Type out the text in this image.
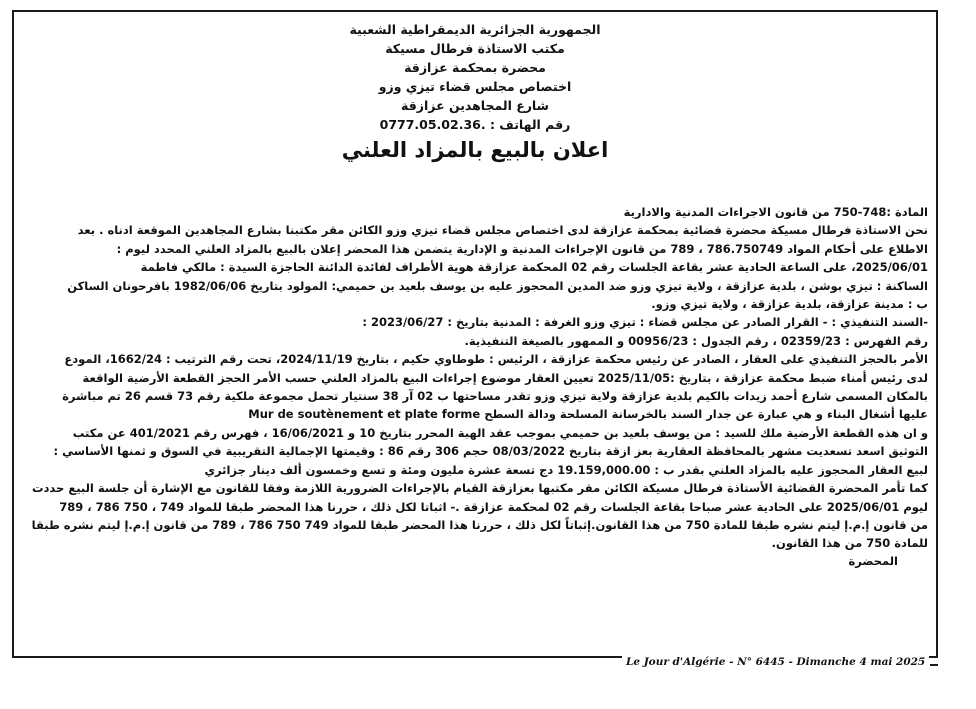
الجمهورية الجزائرية الديمقراطية الشعبية
مكتب الاستاذة فرطال مسيكة
محضرة بمحكمة عزازقة
اختصاص مجلس قضاء تيزي وزو
شارع المجاهدين عزازقة
رقم الهاتف : .0777.05.02.36
اعلان بالبيع بالمزاد العلني
المادة :748-750 من قانون الاجراءات المدنية والادارية
نحن الاستاذة فرطال مسيكة محضرة قضائية بمحكمة عزازقة لدى اختصاص مجلس قضاء تيزي وزو الكائن مقر مكتبنا بشارع المجاهدين الموقعة ادناه . بعد
الاطلاع على أحكام المواد 786.750749 ، 789 من قانون الإجراءات المدنية و الإدارية يتضمن هذا المحضر إعلان بالبيع بالمزاد العلني المحدد ليوم :
2025/06/01، على الساعة الحادية عشر بقاعة الجلسات رقم 02 المحكمة عزازقة هوية الأطراف لفائدة الدائنة الحاجزة السيدة : مالكي فاطمة
الساكنة : تيزي بوشن ، بلدية عزازقة ، ولاية تيزي وزو ضد المدين المحجوز عليه بن يوسف بلعيد بن حميمي: المولود بتاريخ 1982/06/06 بافرحونان الساكن
ب : مدينة عزازقة، بلدية عزازقة ، ولاية تيزي وزو.
-السند التنفيذي : - القرار الصادر عن مجلس قضاء : تيزي وزو الغرفة : المدنية بتاريخ : 2023/06/27 :
رقم الفهرس : 02359/23 ، رقم الجدول : 00956/23 و الممهور بالصيغة التنفيذية.
الأمر بالحجز التنفيذي على العقار ، الصادر عن رئيس محكمة عزازقة ، الرئيس : طوطاوي حكيم ، بتاريخ 2024/11/19، تحت رقم الترتيب : 1662/24، المودع
لدى رئيس أمناء ضبط محكمة عزازقة ، بتاريخ :2025/11/05 تعيين العقار موضوع إجراءات البيع بالمزاد العلني حسب الأمر الحجز القطعة الأرضية الواقعة
بالمكان المسمى شارع أحمد زيدات بالكيم بلدية عزازقة ولاية تيزي وزو تقدر مساحتها ب 02 آر 38 سنتيار تحمل مجموعة ملكية رقم 73 قسم 26 تم مباشرة
عليها أشغال البناء و هي عبارة عن جدار السند بالخرسانة المسلحة ودالة السطح Mur de soutènement et plate forme
و ان هذه القطعة الأرضية ملك للسيد : من يوسف بلعيد بن حميمي بموجب عقد الهبة المحرر بتاريخ 10 و 16/06/2021 ، فهرس رقم 401/2021 عن مكتب
التوثيق اسعد تسعديت مشهر بالمحافظة العقارية بعز ازقة بتاريخ 08/03/2022 حجم 306 رقم 86 : وقيمتها الإجمالية التقريبية في السوق و ثمنها الأساسي :
لبيع العقار المحجوز عليه بالمزاد العلني بقدر ب : 19.159,000.00 دج تسعة عشرة مليون ومئة و تسع وخمسون ألف دينار جزائري
كما تأمر المحضرة القضائية الأستاذة فرطال مسيكة الكائن مقر مكتبها بعزازقة القيام بالإجراءات الضرورية اللازمة وفقا للقانون مع الإشارة أن جلسة البيع حددت
ليوم 2025/06/01 على الحادية عشر صباحا بقاعة الجلسات رقم 02 لمحكمة عزازقة .- اثباتا لكل ذلك ، حررنا هذا المحضر طبقا للمواد 749 ، 750 786 ، 789
من قانون إ.م.إ ليتم نشره طبقا للمادة 750 من هذا القانون.إثباتاً لكل ذلك ، حررنا هذا المحضر طبقا للمواد 749 750 786 ، 789 من قانون إ.م.إ ليتم نشره طبقا
للمادة 750 من هذا القانون.
المحضرة
Le Jour d'Algérie - N° 6445 - Dimanche 4 mai 2025
